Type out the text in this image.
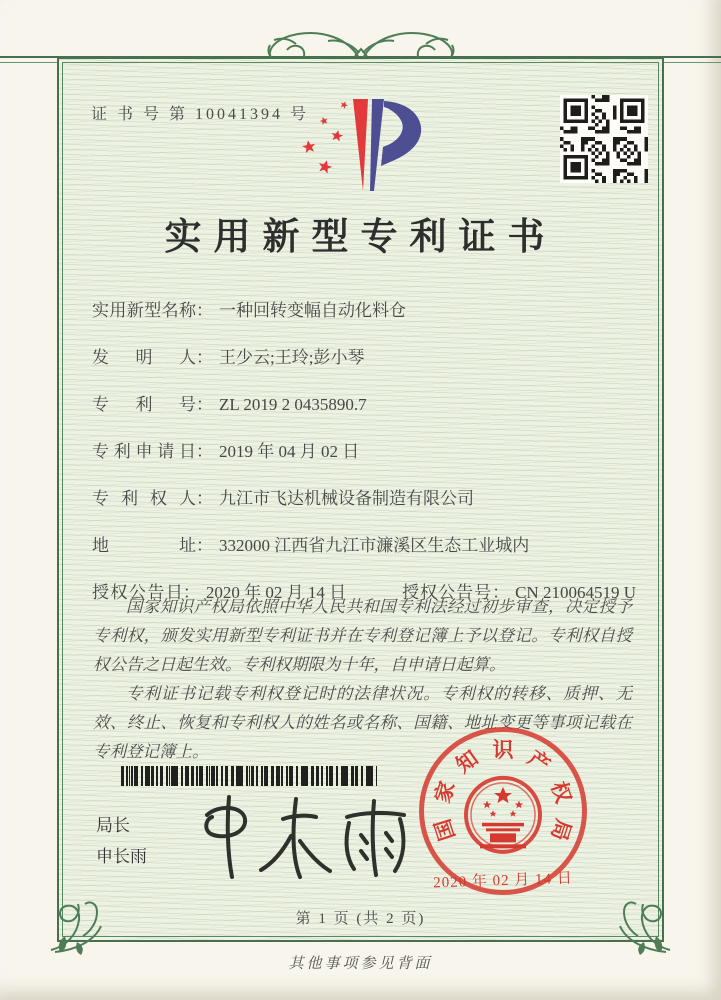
证 书 号 第 10041394 号
实用新型专利证书
实用新型名称 ： 一种回转变幅自动化料仓
发明人 ： 王少云;王玲;彭小琴
专利号 ： ZL 2019 2 0435890.7
专利申请日 ： 2019 年 04 月 02 日
专利权人 ： 九江市飞达机械设备制造有限公司
地址 ： 332000 江西省九江市濂溪区生态工业城内
授权公告日 ： 2020 年 02 月 14 日	授权公告号 ： CN 210064519 U

国家知识产权局依照中华人民共和国专利法经过初步审查，决定授予专利权，颁发实用新型专利证书并在专利登记簿上予以登记。专利权自授权公告之日起生效。专利权期限为十年，自申请日起算。

专利证书记载专利权登记时的法律状况。专利权的转移、质押、无效、终止、恢复和专利权人的姓名或名称、国籍、地址变更等事项记载在专利登记簿上。

局长
申长雨
国
家
知 识 产
权
局
2020 年 02 月 14 日
第 1 页 (共 2 页)
其他事项参见背面
